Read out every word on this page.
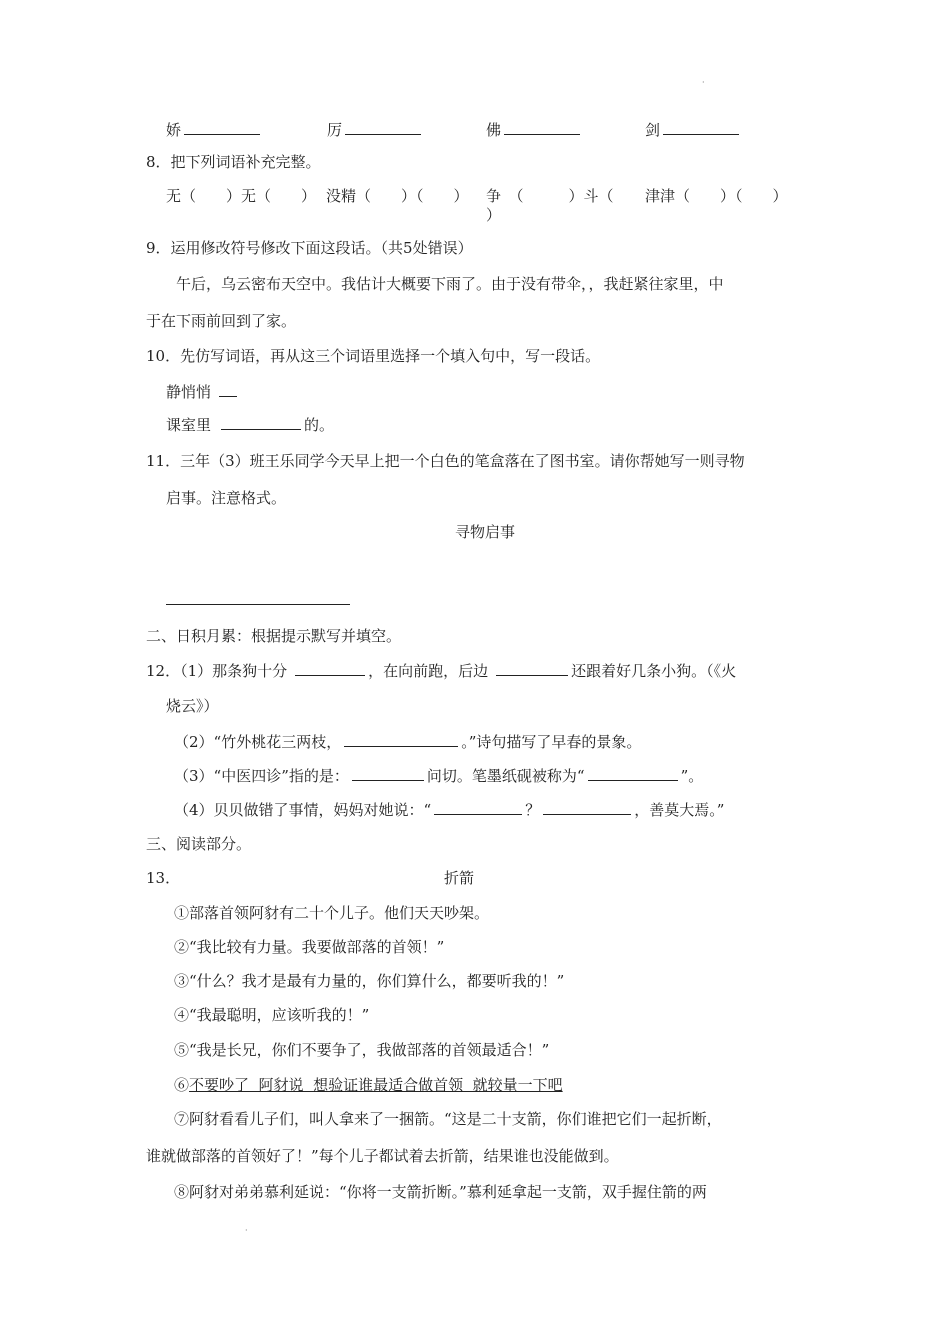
·
娇	厉	佛	剑
8．把下列词语补充完整。
无（　　）无（　　） 没精（　　）（　　） 争　（　　　）斗（
）
津津（　　）（　　）
9．运用修改符号修改下面这段话。（共5处错误）
午后，乌云密布天空中。我估计大概要下雨了。由于没有带伞，，我赶紧往家里，中
于在下雨前回到了家。
10．先仿写词语，再从这三个词语里选择一个填入句中，写一段话。
静悄悄
课室里	的。
11．三年（3）班王乐同学今天早上把一个白色的笔盒落在了图书室。请你帮她写一则寻物
启事。注意格式。
寻物启事
二、日积月累：根据提示默写并填空。
12．（1）那条狗十分	，在向前跑，后边	还跟着好几条小狗。（《火
烧云》）
（2）“竹外桃花三两枝，	。”诗句描写了早春的景象。
（3）“中医四诊”指的是：	问切。笔墨纸砚被称为“	”。
（4）贝贝做错了事情，妈妈对她说：“	？	，善莫大焉。”
三、阅读部分。
13．	折箭
①部落首领阿豺有二十个儿子。他们天天吵架。
②“我比较有力量。我要做部落的首领！”
③“什么？我才是最有力量的，你们算什么，都要听我的！”
④“我最聪明，应该听我的！”
⑤“我是长兄，你们不要争了，我做部落的首领最适合！”
⑥不要吵了  阿豺说  想验证谁最适合做首领  就较量一下吧
⑦阿豺看看儿子们，叫人拿来了一捆箭。“这是二十支箭，你们谁把它们一起折断，
谁就做部落的首领好了！”每个儿子都试着去折箭，结果谁也没能做到。
⑧阿豺对弟弟慕利延说：“你将一支箭折断。”慕利延拿起一支箭，双手握住箭的两
·
